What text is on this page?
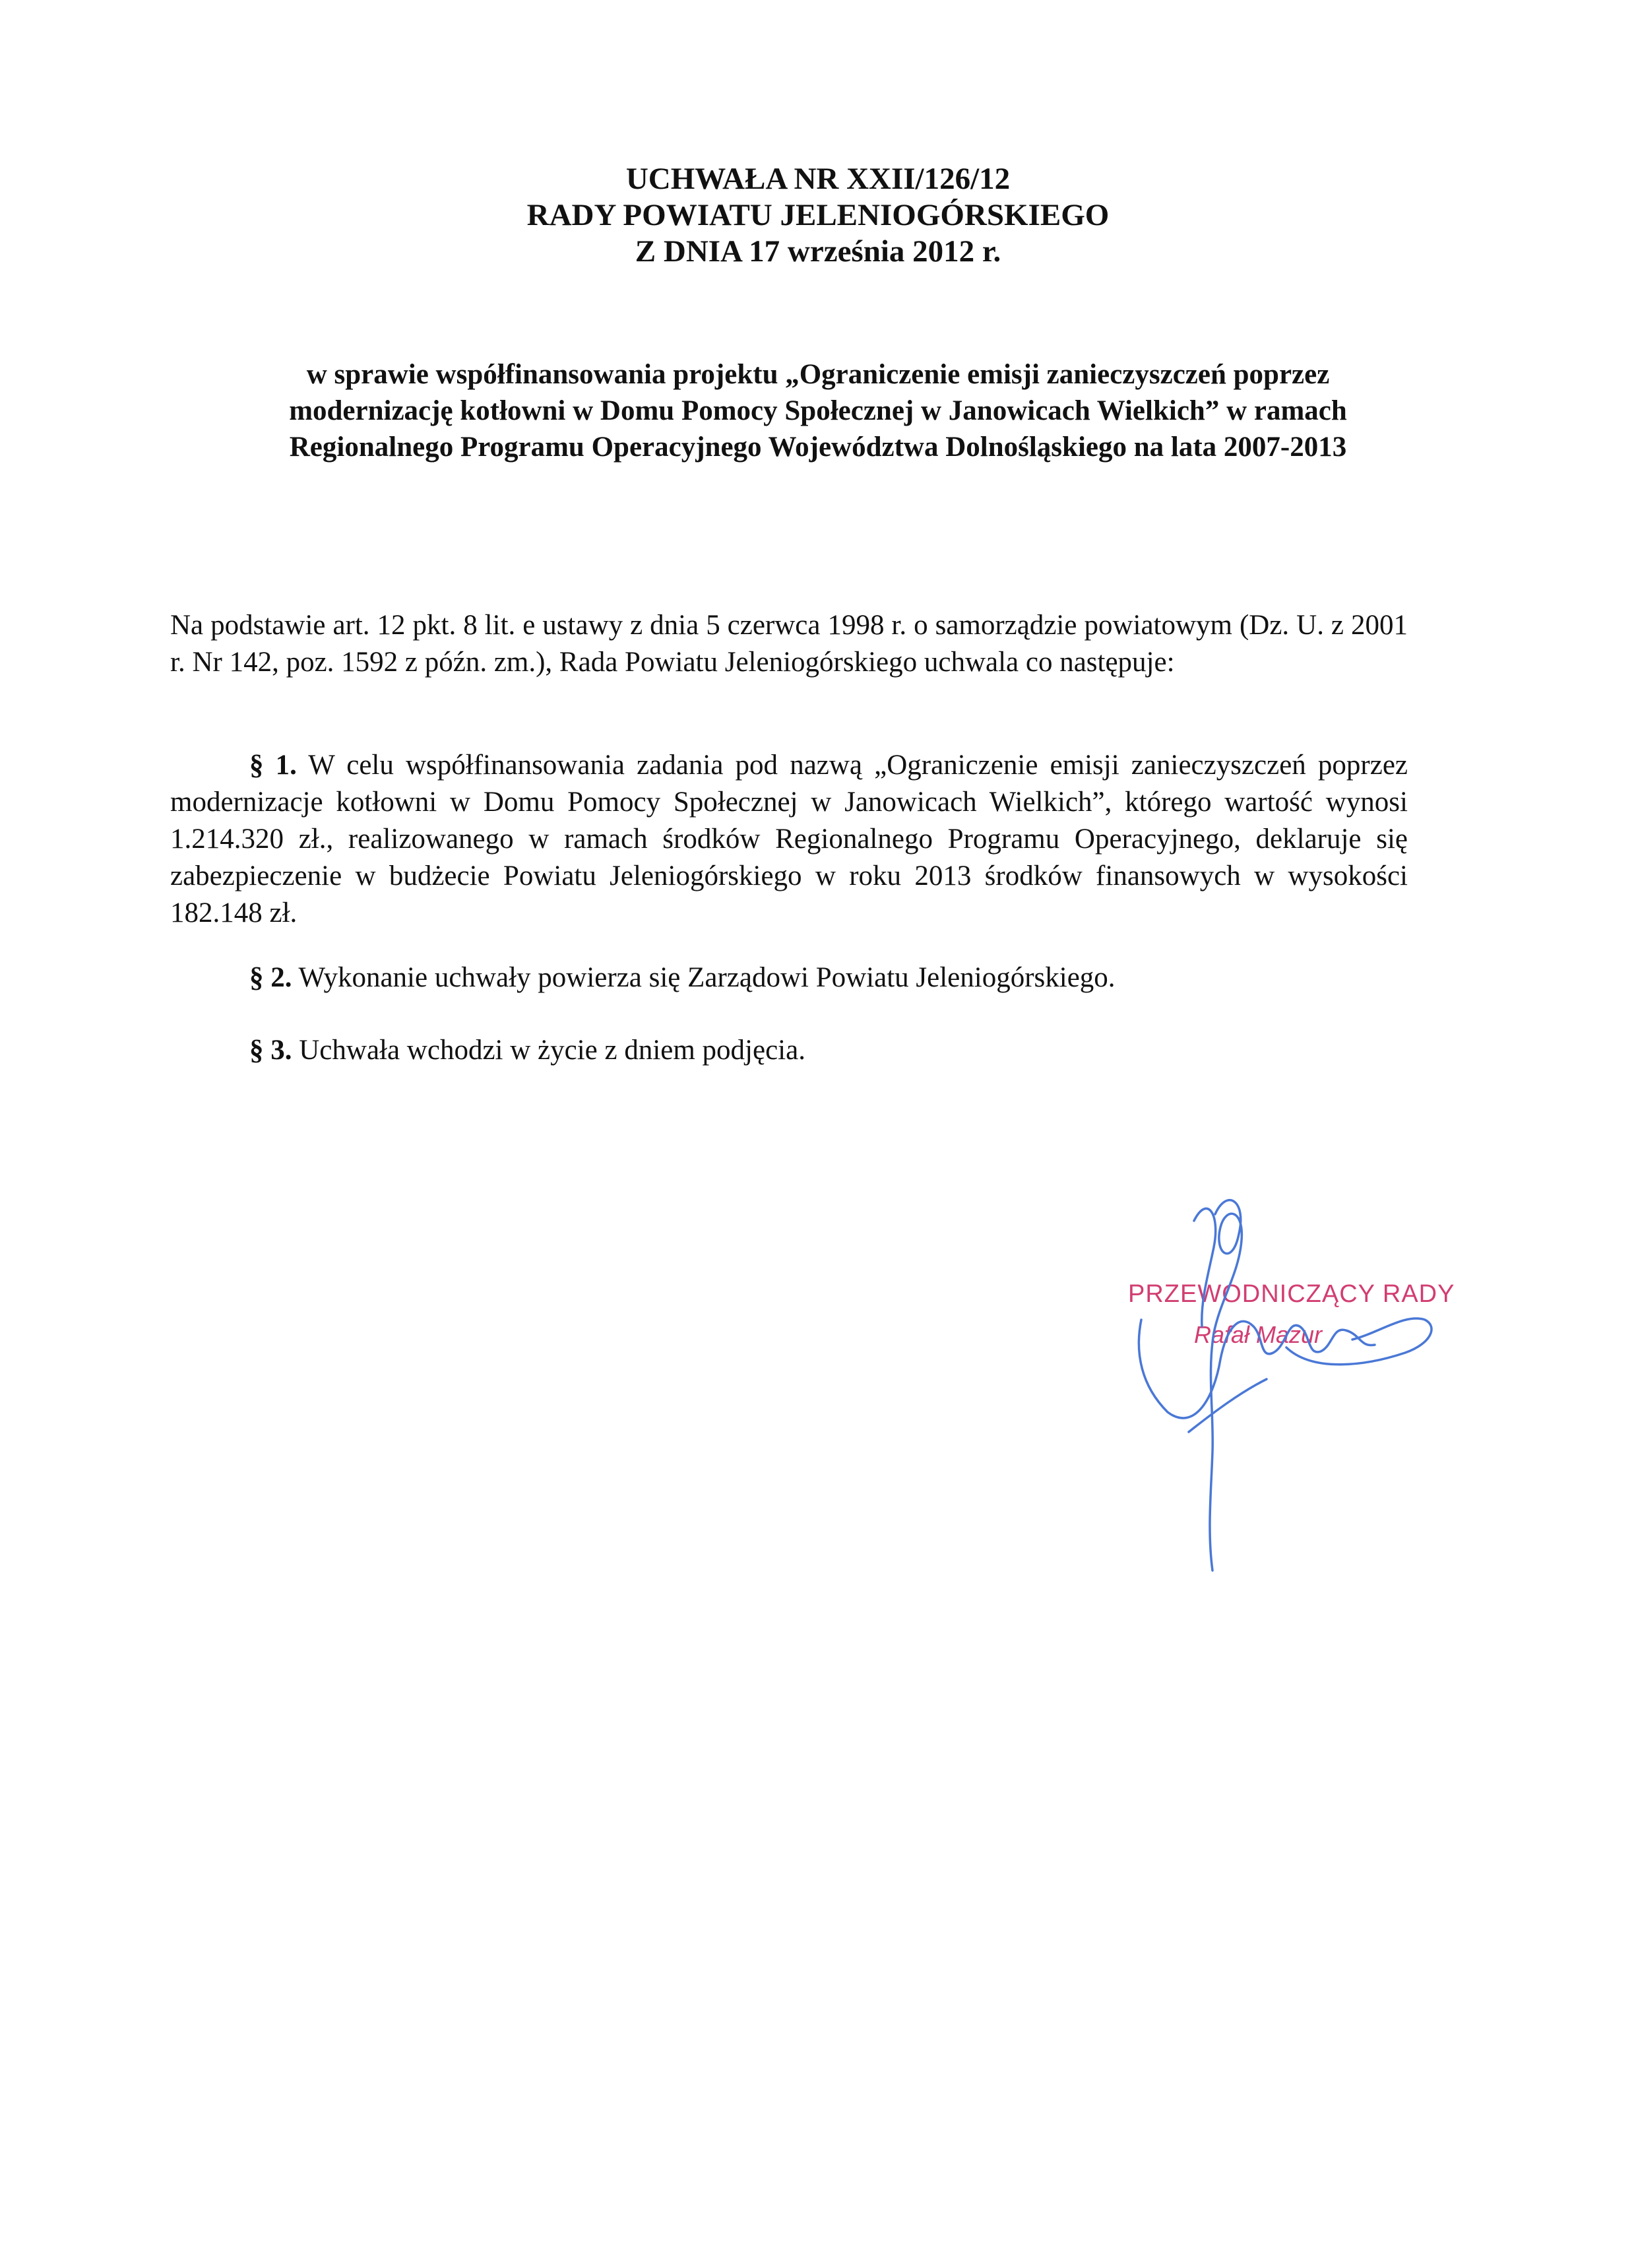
UCHWAŁA NR XXII/126/12
RADY POWIATU JELENIOGÓRSKIEGO
Z DNIA 17 września 2012 r.
w sprawie współfinansowania projektu „Ograniczenie emisji zanieczyszczeń poprzez
modernizację kotłowni w Domu Pomocy Społecznej w Janowicach Wielkich” w ramach
Regionalnego Programu Operacyjnego Województwa Dolnośląskiego na lata 2007-2013
Na podstawie art. 12 pkt. 8 lit. e ustawy z dnia 5 czerwca 1998 r. o samorządzie powiatowym (Dz. U. z 2001 r. Nr 142, poz. 1592 z późn. zm.), Rada Powiatu Jeleniogórskiego uchwala co następuje:
§ 1. W celu współfinansowania zadania pod nazwą „Ograniczenie emisji zanieczyszczeń poprzez modernizacje kotłowni w Domu Pomocy Społecznej w Janowicach Wielkich”, którego wartość wynosi 1.214.320 zł., realizowanego w ramach środków Regionalnego Programu Operacyjnego, deklaruje się zabezpieczenie w budżecie Powiatu Jeleniogórskiego w roku 2013 środków finansowych w wysokości 182.148 zł.
§ 2. Wykonanie uchwały powierza się Zarządowi Powiatu Jeleniogórskiego.
§ 3. Uchwała wchodzi w życie z dniem podjęcia.
PRZEWODNICZĄCY RADY
Rafał Mazur
